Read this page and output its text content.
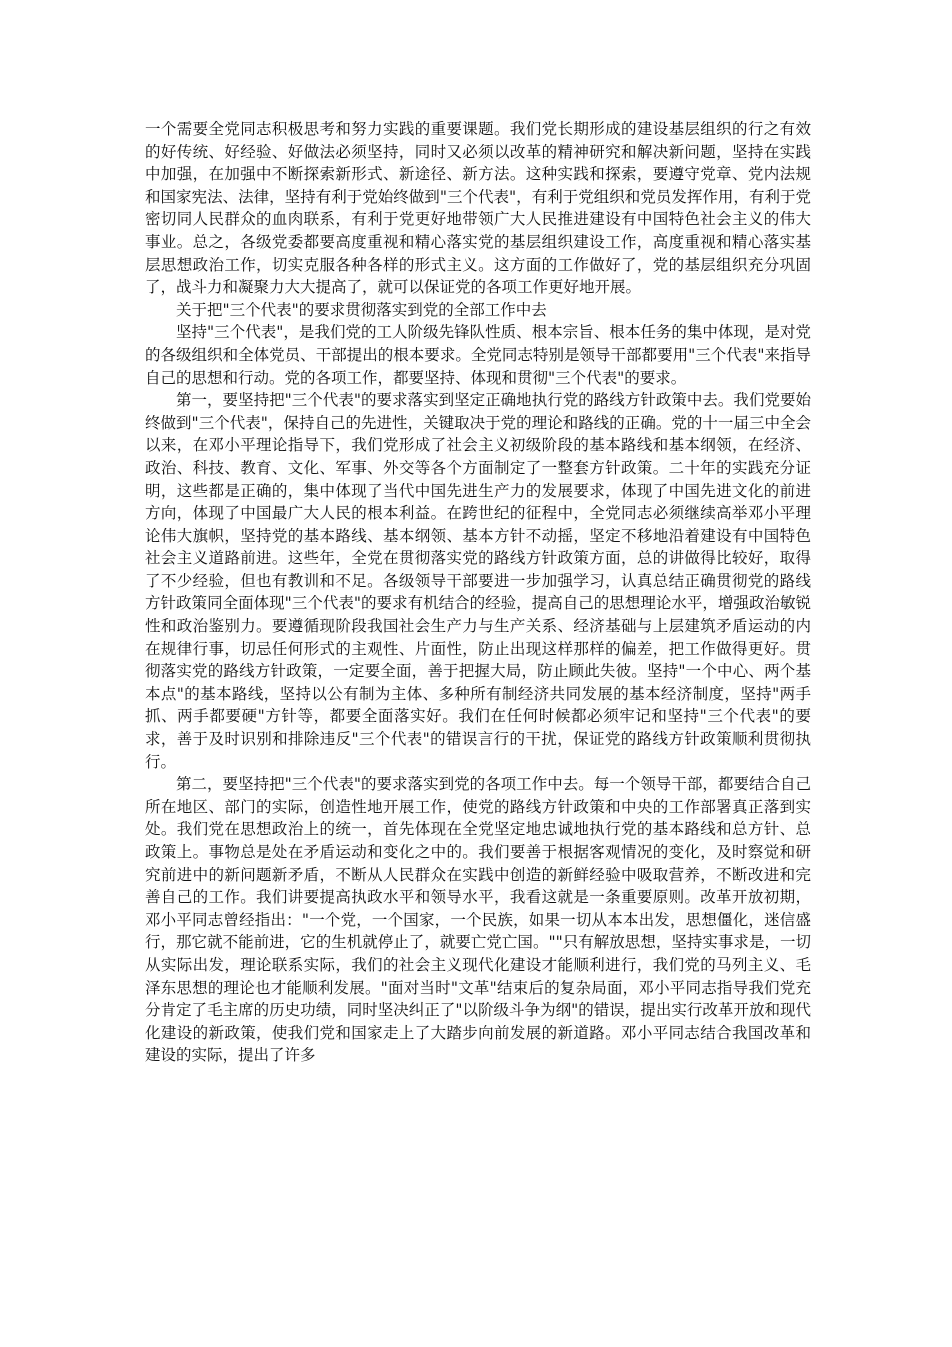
一个需要全党同志积极思考和努力实践的重要课题。我们党长期形成的建设基层组织的行之有效的好传统、好经验、好做法必须坚持，同时又必须以改革的精神研究和解决新问题，坚持在实践中加强，在加强中不断探索新形式、新途径、新方法。这种实践和探索，要遵守党章、党内法规和国家宪法、法律，坚持有利于党始终做到"三个代表"，有利于党组织和党员发挥作用，有利于党密切同人民群众的血肉联系，有利于党更好地带领广大人民推进建设有中国特色社会主义的伟大事业。总之，各级党委都要高度重视和精心落实党的基层组织建设工作，高度重视和精心落实基层思想政治工作，切实克服各种各样的形式主义。这方面的工作做好了，党的基层组织充分巩固了，战斗力和凝聚力大大提高了，就可以保证党的各项工作更好地开展。

关于把"三个代表"的要求贯彻落实到党的全部工作中去

坚持"三个代表"，是我们党的工人阶级先锋队性质、根本宗旨、根本任务的集中体现，是对党的各级组织和全体党员、干部提出的根本要求。全党同志特别是领导干部都要用"三个代表"来指导自己的思想和行动。党的各项工作，都要坚持、体现和贯彻"三个代表"的要求。

第一，要坚持把"三个代表"的要求落实到坚定正确地执行党的路线方针政策中去。我们党要始终做到"三个代表"，保持自己的先进性，关键取决于党的理论和路线的正确。党的十一届三中全会以来，在邓小平理论指导下，我们党形成了社会主义初级阶段的基本路线和基本纲领，在经济、政治、科技、教育、文化、军事、外交等各个方面制定了一整套方针政策。二十年的实践充分证明，这些都是正确的，集中体现了当代中国先进生产力的发展要求，体现了中国先进文化的前进方向，体现了中国最广大人民的根本利益。在跨世纪的征程中，全党同志必须继续高举邓小平理论伟大旗帜，坚持党的基本路线、基本纲领、基本方针不动摇，坚定不移地沿着建设有中国特色社会主义道路前进。这些年，全党在贯彻落实党的路线方针政策方面，总的讲做得比较好，取得了不少经验，但也有教训和不足。各级领导干部要进一步加强学习，认真总结正确贯彻党的路线方针政策同全面体现"三个代表"的要求有机结合的经验，提高自己的思想理论水平，增强政治敏锐性和政治鉴别力。要遵循现阶段我国社会生产力与生产关系、经济基础与上层建筑矛盾运动的内在规律行事，切忌任何形式的主观性、片面性，防止出现这样那样的偏差，把工作做得更好。贯彻落实党的路线方针政策，一定要全面，善于把握大局，防止顾此失彼。坚持"一个中心、两个基本点"的基本路线，坚持以公有制为主体、多种所有制经济共同发展的基本经济制度，坚持"两手抓、两手都要硬"方针等，都要全面落实好。我们在任何时候都必须牢记和坚持"三个代表"的要求，善于及时识别和排除违反"三个代表"的错误言行的干扰，保证党的路线方针政策顺利贯彻执行。

第二，要坚持把"三个代表"的要求落实到党的各项工作中去。每一个领导干部，都要结合自己所在地区、部门的实际，创造性地开展工作，使党的路线方针政策和中央的工作部署真正落到实处。我们党在思想政治上的统一，首先体现在全党坚定地忠诚地执行党的基本路线和总方针、总政策上。事物总是处在矛盾运动和变化之中的。我们要善于根据客观情况的变化，及时察觉和研究前进中的新问题新矛盾，不断从人民群众在实践中创造的新鲜经验中吸取营养，不断改进和完善自己的工作。我们讲要提高执政水平和领导水平，我看这就是一条重要原则。改革开放初期，邓小平同志曾经指出："一个党，一个国家，一个民族，如果一切从本本出发，思想僵化，迷信盛行，那它就不能前进，它的生机就停止了，就要亡党亡国。""只有解放思想，坚持实事求是，一切从实际出发，理论联系实际，我们的社会主义现代化建设才能顺利进行，我们党的马列主义、毛泽东思想的理论也才能顺利发展。"面对当时"文革"结束后的复杂局面，邓小平同志指导我们党充分肯定了毛主席的历史功绩，同时坚决纠正了"以阶级斗争为纲"的错误，提出实行改革开放和现代化建设的新政策，使我们党和国家走上了大踏步向前发展的新道路。邓小平同志结合我国改革和建设的实际，提出了许多
